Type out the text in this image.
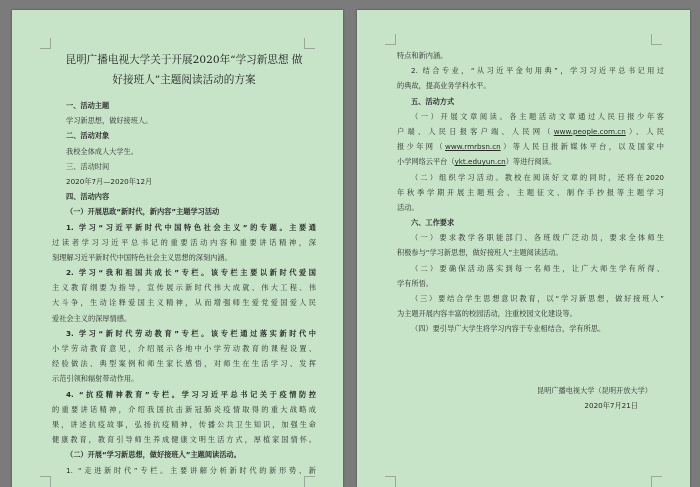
昆明广播电视大学关于开展2020年“学习新思想 做
好接班人”主题阅读活动的方案
一、活动主题
学习新思想，做好接班人。
二、活动对象
我校全体成人大学生。
三、活动时间
2020年7月—2020年12月
四、活动内容
（一）开展思政“新时代，新内容”主题学习活动
1. 学习“习近平新时代中国特色社会主义”的专题。主要通
过读者学习习近平总书记的重要活动内容和重要讲话精神，深
刻理解习近平新时代中国特色社会主义思想的深刻内涵。
2. 学习“我和祖国共成长”专栏。该专栏主要以新时代爱国
主义教育纲要为指导，宣传展示新时代伟大成就、伟大工程、伟
大斗争，生动诠释爱国主义精神，从而增强师生爱党爱国爱人民
爱社会主义的深厚情感。
3. 学习“新时代劳动教育”专栏。该专栏通过落实新时代中
小学劳动教育意见，介绍展示各地中小学劳动教育的课程设置、
经验做法、典型案例和师生家长感悟，对师生在生活学习、发挥
示范引领和辐射带动作用。
4. “抗疫精神教育”专栏。学习习近平总书记关于疫情防控
的重要讲话精神，介绍我国抗击新冠肺炎疫情取得的重大战略成
果，讲述抗疫故事，弘扬抗疫精神，传播公共卫生知识，加强生命
健康教育，教育引导师生养成健康文明生活方式，厚植家国情怀。
（二）开展“学习新思想，做好接班人”主题阅读活动。
1. “走进新时代”专栏。主要讲解分析新时代的新形势、新
特点和新内涵。
2. 结合专业，“从习近平金句用典”，学习习近平总书记用过
的典故，提高业务学科水平。
五、活动方式
（一）开展文章阅读。各主题活动文章通过人民日报少年客
户端、人民日报客户端、人民网（www.people.com.cn）、人民
报少年网（www.rmrbsn.cn）等人民日报新媒体平台，以及国家中
小学网络云平台（ykt.eduyun.cn）等进行阅读。
（二）组织学习活动。教校在阅读好文章的同时，还将在2020
年秋季学期开展主题班会、主题征文、制作手抄报等主题学习
活动。
六、工作要求
（一）要求教学各职能部门、各班级广泛动员，要求全体师生
积极参与“学习新思想，做好接班人”主题阅读活动。
（二）要确保活动落实到每一名师生，让广大师生学有所得、
学有所悟。
（三）要结合学生思想意识教育，以“学习新思想，做好接班人”
为主题开展内容丰富的校园活动，注重校园文化建设等。
（四）要引导广大学生将学习内容于专业相结合，学有所思。
昆明广播电视大学（昆明开放大学）
2020年7月21日
